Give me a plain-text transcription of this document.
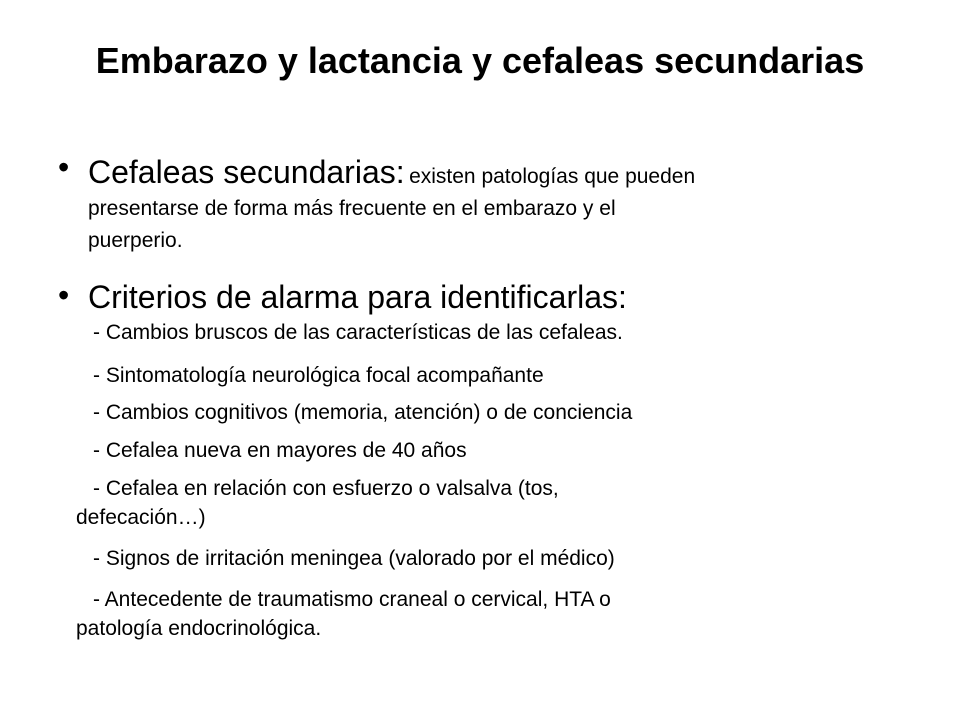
Embarazo y lactancia y cefaleas secundarias
• Cefaleas secundarias: existen patologías que pueden
presentarse de forma más frecuente en el embarazo y el
puerperio.
• Criterios de alarma para identificarlas:
- Cambios bruscos de las características de las cefaleas.
- Sintomatología neurológica focal acompañante
- Cambios cognitivos (memoria, atención) o de conciencia
- Cefalea nueva en mayores de 40 años
- Cefalea en relación con esfuerzo o valsalva (tos,
defecación…)
- Signos de irritación meningea (valorado por el médico)
- Antecedente de traumatismo craneal o cervical, HTA o
patología endocrinológica.
